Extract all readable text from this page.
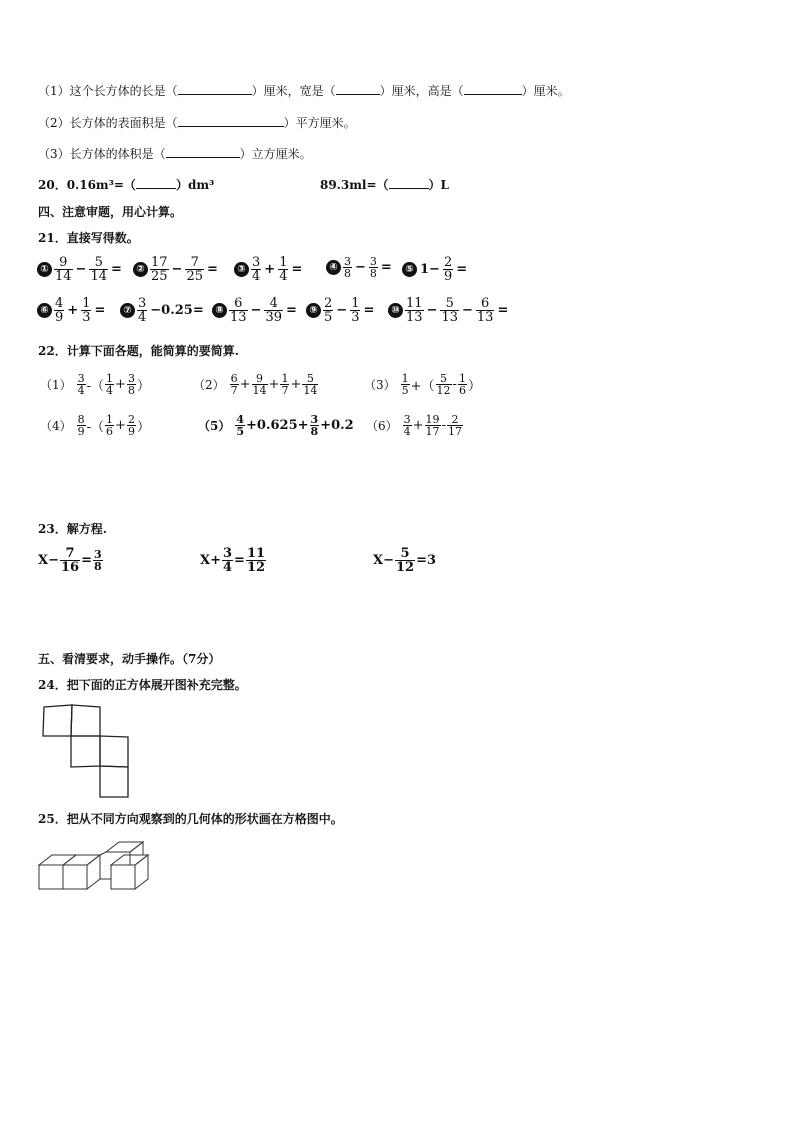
（1）这个长方体的长是（	）厘米，宽是（	）厘米，高是（	）厘米。
（2）长方体的表面积是（	）平方厘米。
（3）长方体的体积是（	）立方厘米。
20．0.16m³=（	）dm³	89.3ml=（	）L
四、注意审题，用心计算。
21．直接写得数。
① $\frac{9}{14} - \frac{5}{14}$ =	② $\frac{17}{25} - \frac{7}{25}$ =	③ $\frac{3}{4} + \frac{1}{4}$ =	④ $\frac{3}{8} - \frac{3}{8}$ =	⑤ $1- \frac{2}{9}$ =
⑥ $\frac{4}{9} + \frac{1}{3}$ =	⑦ $\frac{3}{4} -0.25=$	⑧ $\frac{6}{13} - \frac{4}{39}$ =	⑨ $\frac{2}{5} - \frac{1}{3}$ =	⑩ $\frac{11}{13} - \frac{5}{13} - \frac{6}{13}$ =
22．计算下面各题，能简算的要简算.
$(1) \frac{3}{4}$ -（ $\frac{1}{4} + \frac{3}{8}$ ）	$(2) \frac{6}{7} + \frac{9}{14} + \frac{1}{7} + \frac{5}{14}$	$(3) \frac{1}{5}$ +（ $\frac{5}{12} - \frac{1}{6}$ ）
$(4) \frac{8}{9}$ -（ $\frac{1}{6} + \frac{2}{9}$ ）	$(5) \frac{4}{5} +0.625+ \frac{3}{8} +0.2$ $(6) \frac{3}{4} + \frac{19}{17} - \frac{2}{17}$
23．解方程.
$X- \frac{7}{16} = \frac{3}{8}$	$X+ \frac{3}{4} = \frac{11}{12}$	$X- \frac{5}{12} =3$
五、看清要求，动手操作。（7分）
24．把下面的正方体展开图补充完整。
25．把从不同方向观察到的几何体的形状画在方格图中。
